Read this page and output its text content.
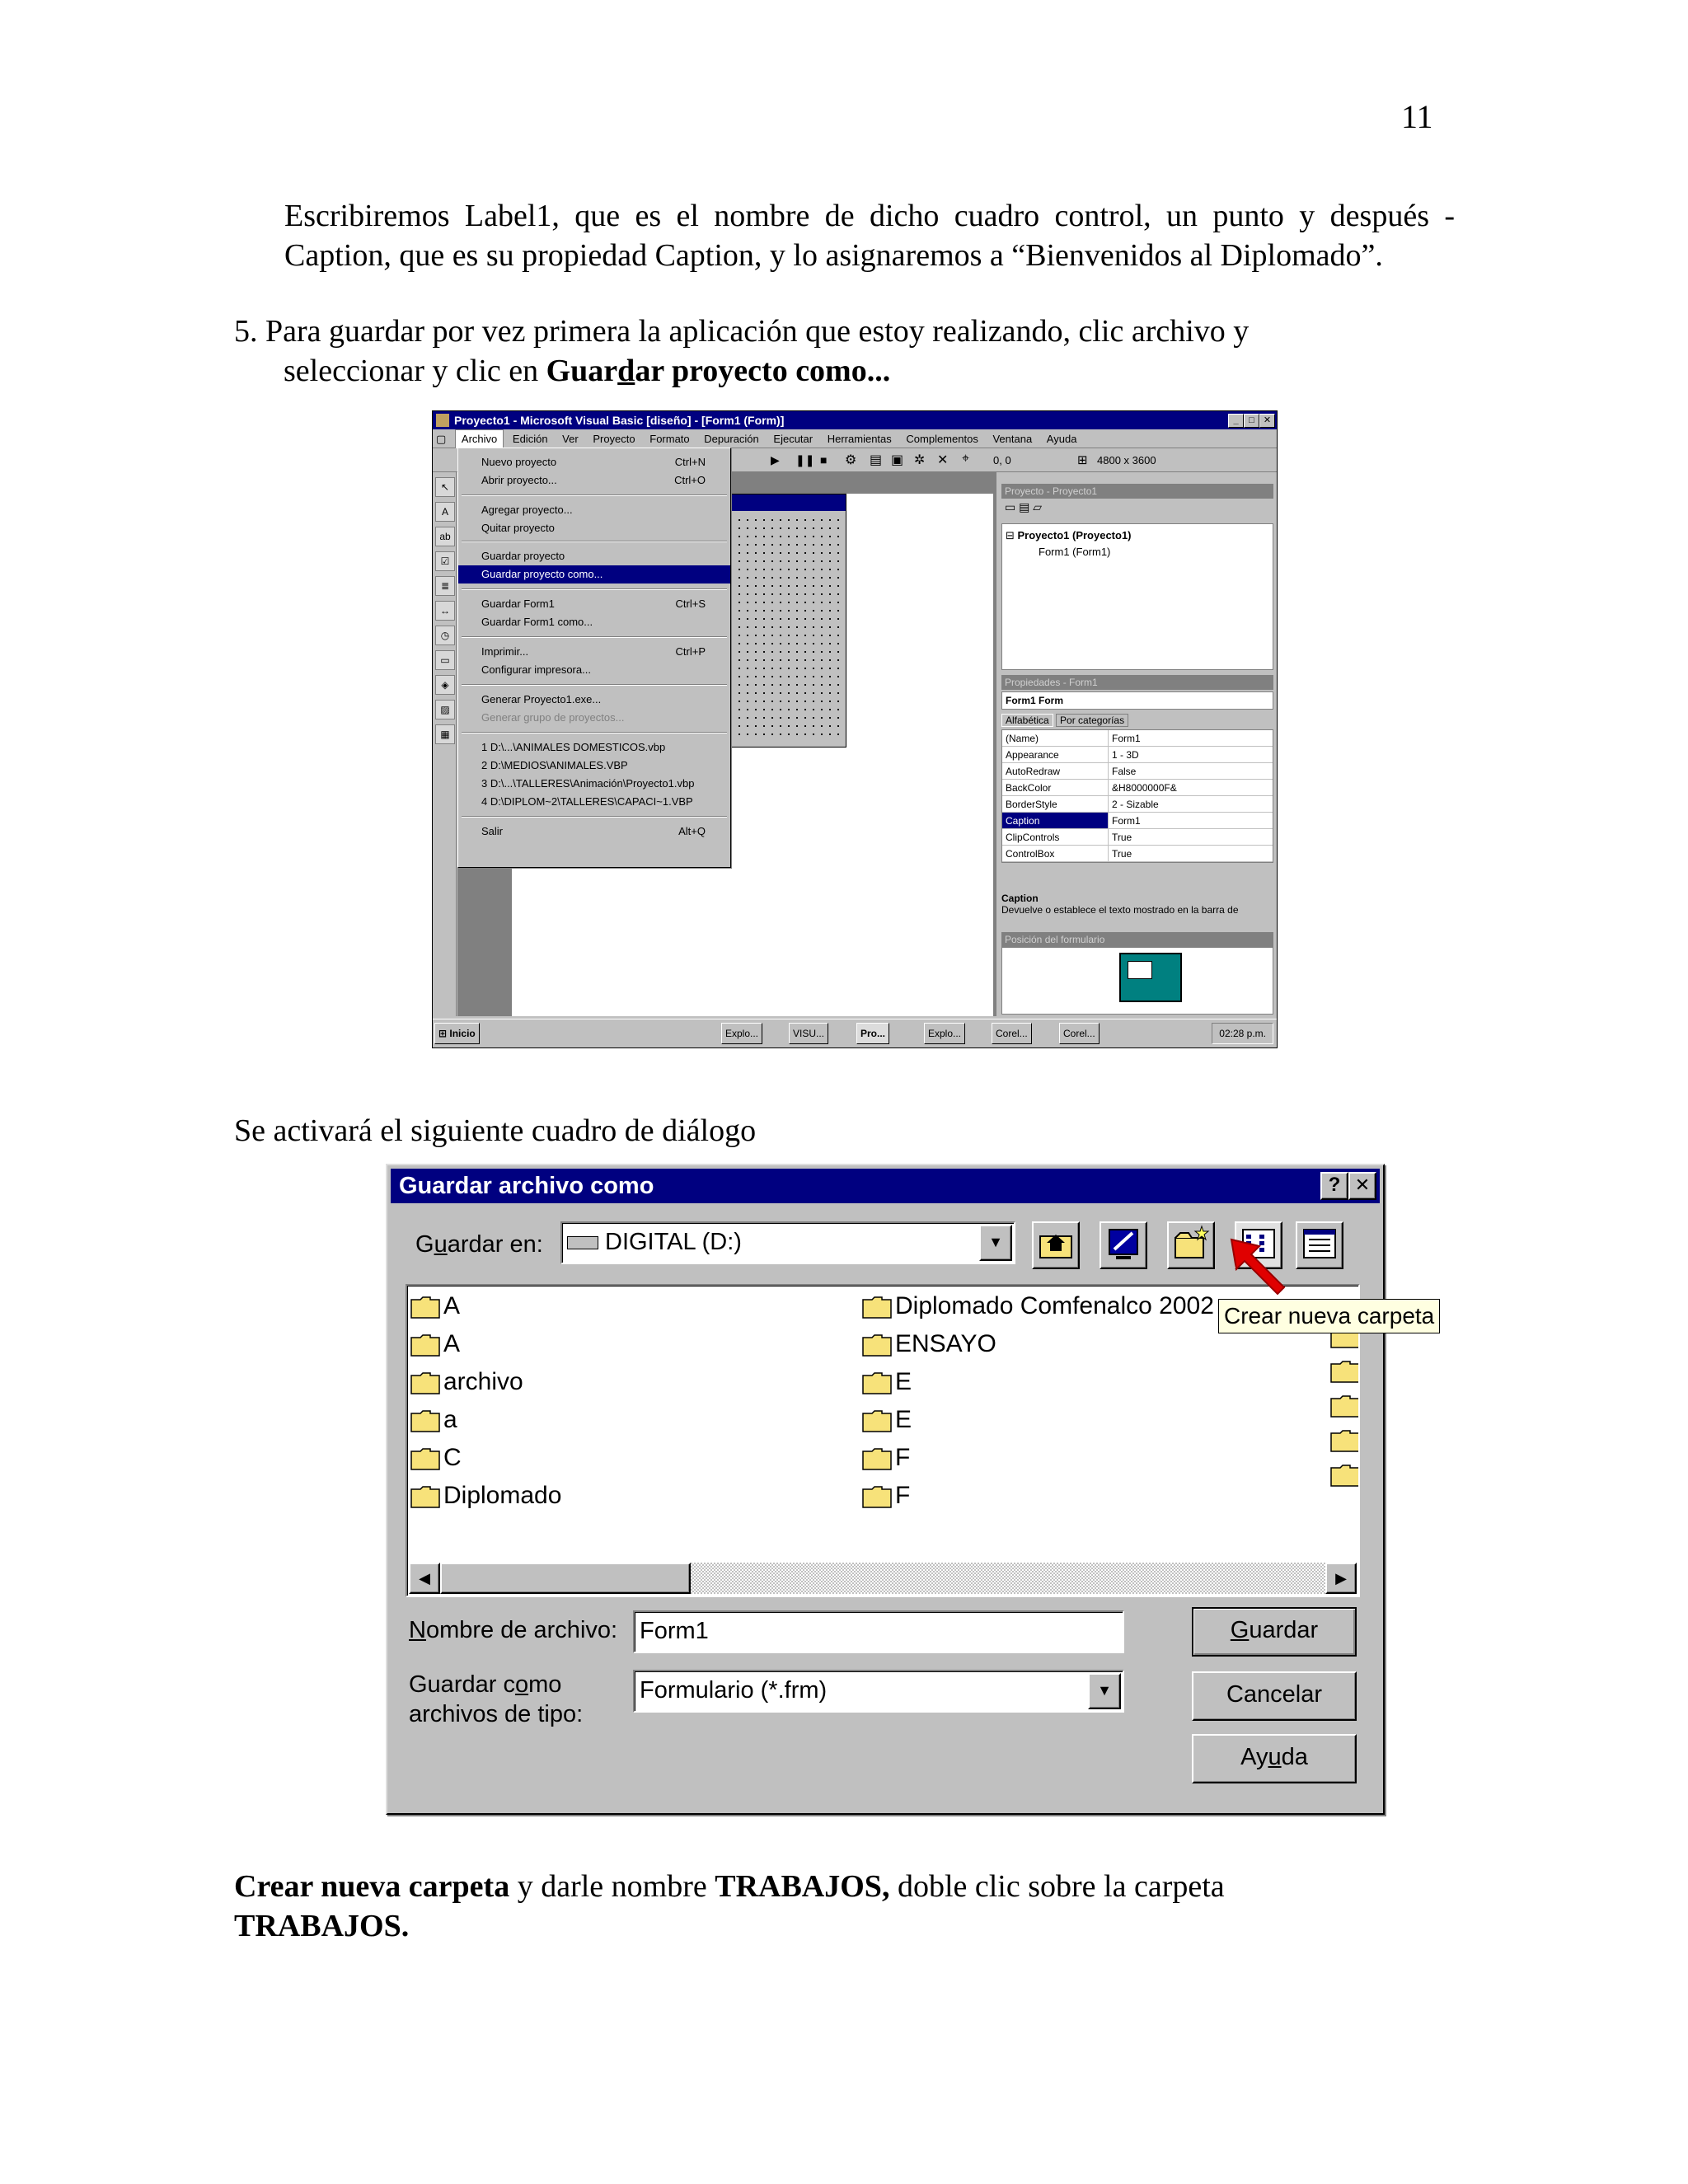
11
Escribiremos Label1, que es el nombre de dicho cuadro control, un punto y después - Caption, que es su propiedad Caption, y lo asignaremos a “Bienvenidos al Diplomado”.
5. Para guardar por vez primera la aplicación que estoy realizando, clic archivo y
seleccionar y clic en Guardar proyecto como...
Proyecto1 - Microsoft Visual Basic [diseño] - [Form1 (Form)]	_	□	✕
▢ Archivo Edición Ver Proyecto Formato Depuración Ejecutar Herramientas Complementos Ventana Ayuda
▶ ❚❚ ■ ⚙ ▤ ▣ ✲ ✕ ⌖ 0, 0	⊞ 4800 x 3600
↖
A
ab
☑
≣
↔
◷
▭
◈
▨
▦
Nuevo proyecto	Ctrl+N
Abrir proyecto...	Ctrl+O
Agregar proyecto...
Quitar proyecto
Guardar proyecto
Guardar proyecto como...
Guardar Form1	Ctrl+S
Guardar Form1 como...
Imprimir...	Ctrl+P
Configurar impresora...
Generar Proyecto1.exe...
Generar grupo de proyectos...
1 D:\...\ANIMALES DOMESTICOS.vbp
2 D:\MEDIOS\ANIMALES.VBP
3 D:\...\TALLERES\Animación\Proyecto1.vbp
4 D:\DIPLOM~2\TALLERES\CAPACI~1.VBP
Salir	Alt+Q
Proyecto - Proyecto1
▭ ▤ ▱
⊟ Proyecto1 (Proyecto1)
Form1 (Form1)
Propiedades - Form1
Form1 Form
Alfabética Por categorías
(Name)	Form1
Appearance	1 - 3D
AutoRedraw	False
BackColor	&H8000000F&
BorderStyle	2 - Sizable
Caption	Form1
ClipControls	True
ControlBox	True
Caption
Devuelve o establece el texto mostrado en la barra de
Posición del formulario
⊞ Inicio	Explo...	VISU...	Pro...	Explo...	Corel...	Corel...	02:28 p.m.
Se activará el siguiente cuadro de diálogo
Guardar archivo como	? ✕
Guardar en:	DIGITAL (D:)	▼
A
A
archivo
a
C
Diplomado
Diplomado Comfenalco 2002
ENSAYO
E
E
F
F
◀	▶
Crear nueva carpeta
Nombre de archivo: Form1
Guardar como
archivos de tipo:
Formulario (*.frm)	▼
Guardar
Cancelar
Ayuda
Crear nueva carpeta y darle nombre TRABAJOS, doble clic sobre la carpeta
TRABAJOS.
